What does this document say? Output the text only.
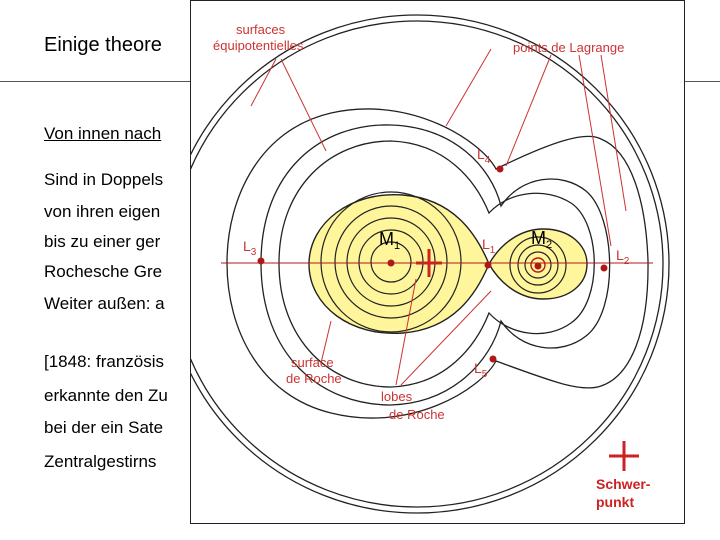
Einige theore
Von innen nach
Sind in Doppels
von ihren eigen
bis zu einer ger
Rochesche Gre
Weiter außen: a
[1848: französis
erkannte den Zu
bei der ein Sate
Zentralgestirns
surfaces
équipotentielles	points de Lagrange
surface
de Roche
lobes
de Roche
$M_1$	$M_2$
$L_3$
$L_1$	$L_2$
$L_4$
$L_5$
Schwer-
punkt
